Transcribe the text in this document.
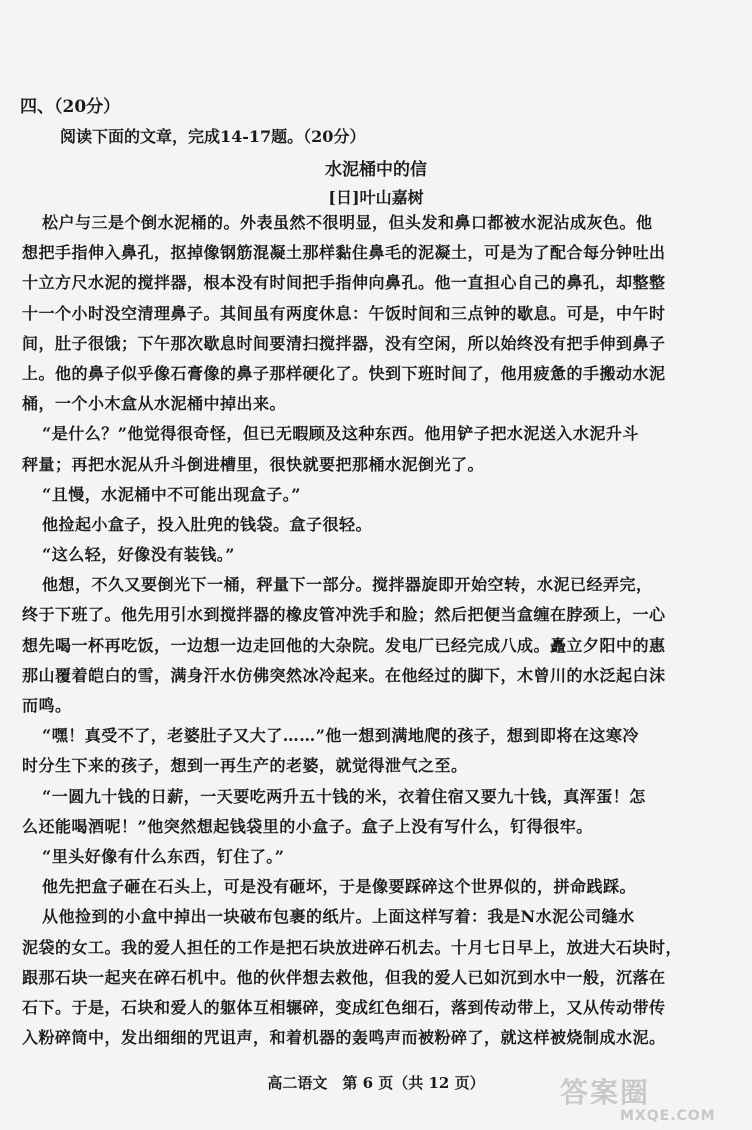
四、（20分）
阅读下面的文章，完成14-17题。（20分）
水泥桶中的信
[日]叶山嘉树
松户与三是个倒水泥桶的。外表虽然不很明显，但头发和鼻口都被水泥沾成灰色。他
想把手指伸入鼻孔，抠掉像钢筋混凝土那样黏住鼻毛的泥凝土，可是为了配合每分钟吐出
十立方尺水泥的搅拌器，根本没有时间把手指伸向鼻孔。他一直担心自己的鼻孔，却整整
十一个小时没空清理鼻子。其间虽有两度休息：午饭时间和三点钟的歇息。可是，中午时
间，肚子很饿；下午那次歇息时间要清扫搅拌器，没有空闲，所以始终没有把手伸到鼻子
上。他的鼻子似乎像石膏像的鼻子那样硬化了。快到下班时间了，他用疲惫的手搬动水泥
桶，一个小木盒从水泥桶中掉出来。
“是什么？”他觉得很奇怪，但已无暇顾及这种东西。他用铲子把水泥送入水泥升斗
秤量；再把水泥从升斗倒进槽里，很快就要把那桶水泥倒光了。
“且慢，水泥桶中不可能出现盒子。”
他捡起小盒子，投入肚兜的钱袋。盒子很轻。
“这么轻，好像没有装钱。”
他想，不久又要倒光下一桶，秤量下一部分。搅拌器旋即开始空转，水泥已经弄完，
终于下班了。他先用引水到搅拌器的橡皮管冲洗手和脸；然后把便当盒缠在脖颈上，一心
想先喝一杯再吃饭，一边想一边走回他的大杂院。发电厂已经完成八成。矗立夕阳中的惠
那山覆着皑白的雪，满身汗水仿佛突然冰冷起来。在他经过的脚下，木曾川的水泛起白沫
而鸣。
“嘿！真受不了，老婆肚子又大了……”他一想到满地爬的孩子，想到即将在这寒冷
时分生下来的孩子，想到一再生产的老婆，就觉得泄气之至。
“一圆九十钱的日薪，一天要吃两升五十钱的米，衣着住宿又要九十钱，真浑蛋！怎
么还能喝酒呢！”他突然想起钱袋里的小盒子。盒子上没有写什么，钉得很牢。
“里头好像有什么东西，钉住了。”
他先把盒子砸在石头上，可是没有砸坏，于是像要踩碎这个世界似的，拼命践踩。
从他捡到的小盒中掉出一块破布包裹的纸片。上面这样写着：我是N水泥公司缝水
泥袋的女工。我的爱人担任的工作是把石块放进碎石机去。十月七日早上，放进大石块时，
跟那石块一起夹在碎石机中。他的伙伴想去救他，但我的爱人已如沉到水中一般，沉落在
石下。于是，石块和爱人的躯体互相辗碎，变成红色细石，落到传动带上，又从传动带传
入粉碎筒中，发出细细的咒诅声，和着机器的轰鸣声而被粉碎了，就这样被烧制成水泥。
高二语文　第 6 页（共 12 页）	答案圈
MXQE.COM
